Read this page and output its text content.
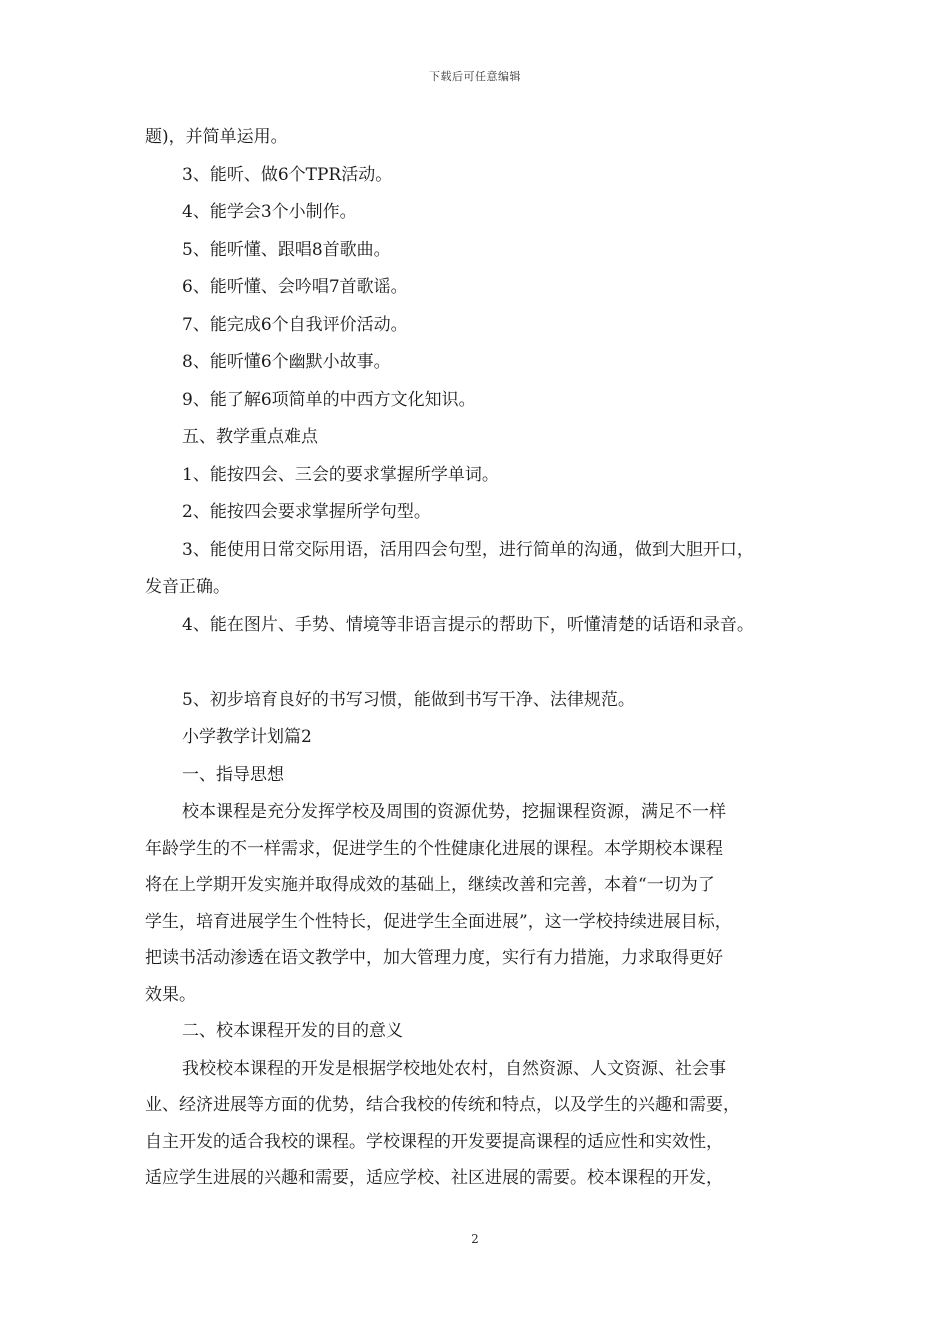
下载后可任意编辑
题)，并简单运用。
3、能听、做6个TPR活动。
4、能学会3个小制作。
5、能听懂、跟唱8首歌曲。
6、能听懂、会吟唱7首歌谣。
7、能完成6个自我评价活动。
8、能听懂6个幽默小故事。
9、能了解6项简单的中西方文化知识。
五、教学重点难点
1、能按四会、三会的要求掌握所学单词。
2、能按四会要求掌握所学句型。
3、能使用日常交际用语，活用四会句型，进行简单的沟通，做到大胆开口，
发音正确。
4、能在图片、手势、情境等非语言提示的帮助下，听懂清楚的话语和录音。
5、初步培育良好的书写习惯，能做到书写干净、法律规范。
小学教学计划篇2
一、指导思想
校本课程是充分发挥学校及周围的资源优势，挖掘课程资源，满足不一样
年龄学生的不一样需求，促进学生的个性健康化进展的课程。本学期校本课程
将在上学期开发实施并取得成效的基础上，继续改善和完善，本着“一切为了
学生，培育进展学生个性特长，促进学生全面进展”，这一学校持续进展目标，
把读书活动渗透在语文教学中，加大管理力度，实行有力措施，力求取得更好
效果。
二、校本课程开发的目的意义
我校校本课程的开发是根据学校地处农村，自然资源、人文资源、社会事
业、经济进展等方面的优势，结合我校的传统和特点，以及学生的兴趣和需要，
自主开发的适合我校的课程。学校课程的开发要提高课程的适应性和实效性，
适应学生进展的兴趣和需要，适应学校、社区进展的需要。校本课程的开发，
2
